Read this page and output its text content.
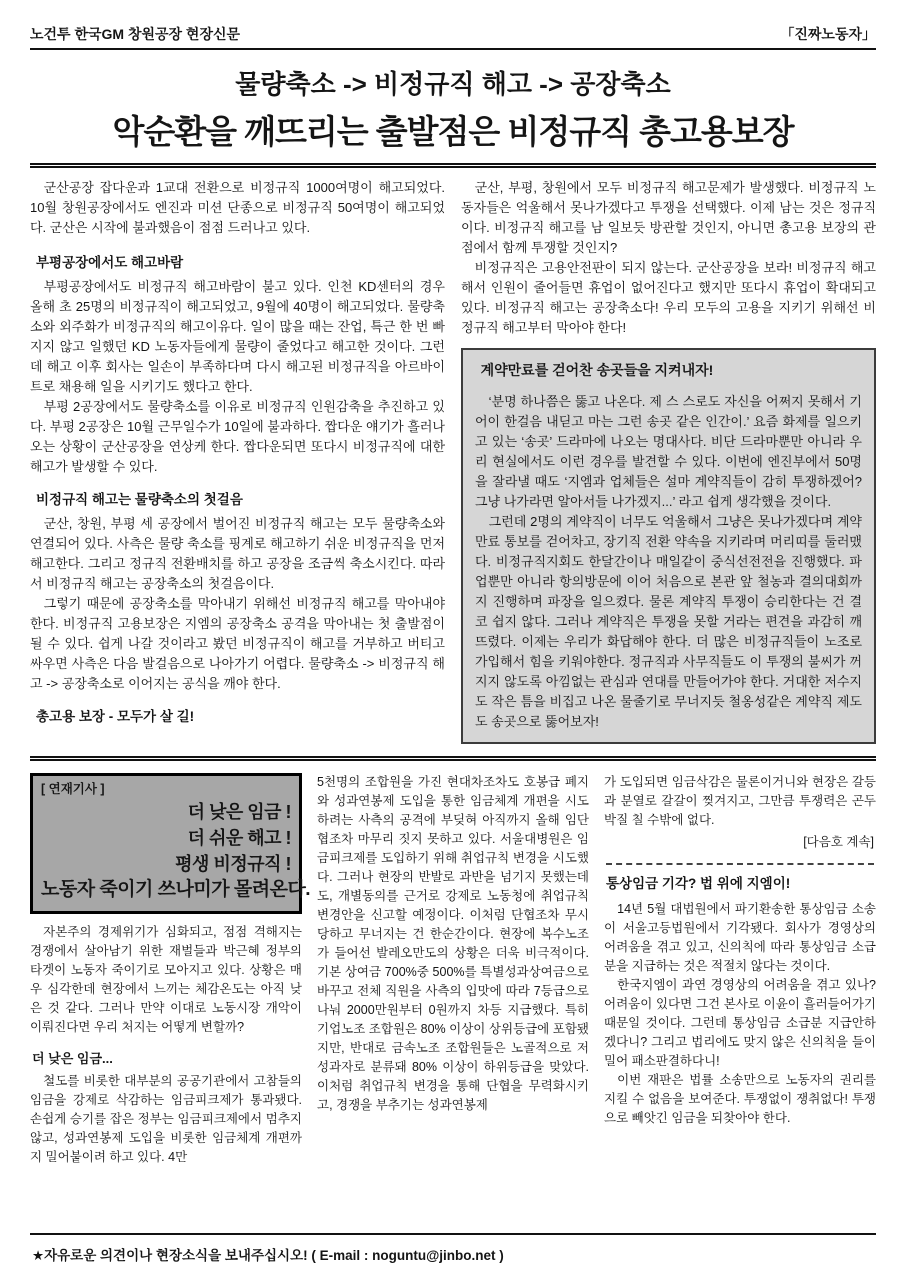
노건투 한국GM 창원공장 현장신문	「진짜노동자」
물량축소 -> 비정규직 해고 -> 공장축소
악순환을 깨뜨리는 출발점은 비정규직 총고용보장

군산공장 잡다운과 1교대 전환으로 비정규직 1000여명이 해고되었다. 10월 창원공장에서도 엔진과 미션 단종으로 비정규직 50여명이 해고되었다. 군산은 시작에 불과했음이 점점 드러나고 있다.

부평공장에서도 해고바람

부평공장에서도 비정규직 해고바람이 불고 있다. 인천 KD센터의 경우 올해 초 25명의 비정규직이 해고되었고, 9월에 40명이 해고되었다. 물량축소와 외주화가 비정규직의 해고이유다. 일이 많을 때는 잔업, 특근 한 번 빠지지 않고 일했던 KD 노동자들에게 물량이 줄었다고 해고한 것이다. 그런데 해고 이후 회사는 일손이 부족하다며 다시 해고된 비정규직을 아르바이트로 채용해 일을 시키기도 했다고 한다.

부평 2공장에서도 물량축소를 이유로 비정규직 인원감축을 추진하고 있다. 부평 2공장은 10월 근무일수가 10일에 불과하다. 짭다운 얘기가 흘러나오는 상황이 군산공장을 연상케 한다. 짭다운되면 또다시 비정규직에 대한 해고가 발생할 수 있다.

비정규직 해고는 물량축소의 첫걸음

군산, 창원, 부평 세 공장에서 벌어진 비정규직 해고는 모두 물량축소와 연결되어 있다. 사측은 물량 축소를 핑계로 해고하기 쉬운 비정규직을 먼저 해고한다. 그리고 정규직 전환배치를 하고 공장을 조금씩 축소시킨다. 따라서 비정규직 해고는 공장축소의 첫걸음이다.

그렇기 때문에 공장축소를 막아내기 위해선 비정규직 해고를 막아내야 한다. 비정규직 고용보장은 지엠의 공장축소 공격을 막아내는 첫 출발점이 될 수 있다. 쉽게 나갈 것이라고 봤던 비정규직이 해고를 거부하고 버티고 싸우면 사측은 다음 발걸음으로 나아가기 어렵다. 물량축소 -> 비정규직 해고 -> 공장축소로 이어지는 공식을 깨야 한다.

총고용 보장 - 모두가 살 길!

군산, 부평, 창원에서 모두 비정규직 해고문제가 발생했다. 비정규직 노동자들은 억울해서 못나가겠다고 투쟁을 선택했다. 이제 남는 것은 정규직이다. 비정규직 해고를 남 일보듯 방관할 것인지, 아니면 총고용 보장의 관점에서 함께 투쟁할 것인지?

비정규직은 고용안전판이 되지 않는다. 군산공장을 보라! 비정규직 해고해서 인원이 줄어들면 휴업이 없어진다고 했지만 또다시 휴업이 확대되고 있다. 비정규직 해고는 공장축소다! 우리 모두의 고용을 지키기 위해선 비정규직 해고부터 막아야 한다!

계약만료를 걷어찬 송곳들을 지켜내자!

‘분명 하나쯤은 뚫고 나온다. 제 스 스로도 자신을 어쩌지 못해서 기어이 한걸음 내딛고 마는 그런 송곳 같은 인간이.’ 요즘 화제를 일으키고 있는 ‘송곳’ 드라마에 나오는 명대사다. 비단 드라마뿐만 아니라 우리 현실에서도 이런 경우를 발견할 수 있다. 이번에 엔진부에서 50명을 잘라낼 때도 ‘지엠과 업체들은 설마 계약직들이 감히 투쟁하겠어? 그냥 나가라면 알아서들 나가겠지...’ 라고 쉽게 생각했을 것이다.

그런데 2명의 계약직이 너무도 억울해서 그냥은 못나가겠다며 계약만료 통보를 걷어차고, 장기직 전환 약속을 지키라며 머리띠를 둘러맸다. 비정규직지회도 한달간이나 매일같이 중식선전전을 진행했다. 파업뿐만 아니라 항의방문에 이어 처음으로 본관 앞 철농과 결의대회까지 진행하며 파장을 일으켰다. 물론 계약직 투쟁이 승리한다는 건 결코 쉽지 않다. 그러나 계약직은 투쟁을 못할 거라는 편견을 과감히 깨뜨렸다. 이제는 우리가 화답해야 한다. 더 많은 비정규직들이 노조로 가입해서 힘을 키워야한다. 정규직과 사무직들도 이 투쟁의 불씨가 꺼지지 않도록 아낌없는 관심과 연대를 만들어가야 한다. 거대한 저수지도 작은 틈을 비집고 나온 물줄기로 무너지듯 철옹성같은 계약직 제도도 송곳으로 뚫어보자!

[ 연재기사 ]
더 낮은 임금 !
더 쉬운 해고 !
평생 비정규직 !
노동자 죽이기 쓰나미가 몰려온다.

자본주의 경제위기가 심화되고, 점점 격해지는 경쟁에서 살아남기 위한 재벌들과 박근혜 정부의 타겟이 노동자 죽이기로 모아지고 있다. 상황은 매우 심각한데 현장에서 느끼는 체감온도는 아직 낮은 것 같다. 그러나 만약 이대로 노동시장 개악이 이뤄진다면 우리 처지는 어떻게 변할까?

더 낮은 임금...

철도를 비롯한 대부분의 공공기관에서 고참들의 임금을 강제로 삭감하는 임금피크제가 통과됐다. 손쉽게 승기를 잡은 정부는 임금피크제에서 멈추지 않고, 성과연봉제 도입을 비롯한 임금체계 개편까지 밀어붙이려 하고 있다. 4만

5천명의 조합원을 가진 현대차조차도 호봉급 폐지와 성과연봉제 도입을 통한 임금체계 개편을 시도하려는 사측의 공격에 부딪혀 아직까지 올해 임단협조차 마무리 짓지 못하고 있다. 서울대병원은 임금피크제를 도입하기 위해 취업규칙 변경을 시도했다. 그러나 현장의 반발로 과반을 넘기지 못했는데도, 개별동의를 근거로 강제로 노동청에 취업규칙 변경안을 신고할 예정이다. 이처럼 단협조차 무시당하고 무너지는 건 한순간이다. 현장에 복수노조가 들어선 발레오만도의 상황은 더욱 비극적이다. 기본 상여금 700%중 500%를 특별성과상여금으로 바꾸고 전체 직원을 사측의 입맛에 따라 7등급으로 나눠 2000만원부터 0원까지 차등 지급했다. 특히 기업노조 조합원은 80% 이상이 상위등급에 포함됐지만, 반대로 금속노조 조합원들은 노골적으로 저성과자로 분류돼 80% 이상이 하위등급을 맞았다. 이처럼 취업규칙 변경을 통해 단협을 무력화시키고, 경쟁을 부추기는 성과연봉제

가 도입되면 임금삭감은 물론이거니와 현장은 갈등과 분열로 갈갈이 찢겨지고, 그만큼 투쟁력은 곤두박질 칠 수밖에 없다.

[다음호 계속]
통상임금 기각? 법 위에 지엠이!

14년 5월 대법원에서 파기환송한 통상임금 소송이 서울고등법원에서 기각됐다. 회사가 경영상의 어려움을 겪고 있고, 신의칙에 따라 통상임금 소급분을 지급하는 것은 적절치 않다는 것이다.

한국지엠이 과연 경영상의 어려움을 겪고 있나? 어려움이 있다면 그건 본사로 이윤이 흘러들어가기 때문일 것이다. 그런데 통상임금 소급분 지급안하겠다니? 그리고 법리에도 맞지 않은 신의칙을 들이밀어 패소판결하다니!

이번 재판은 법률 소송만으로 노동자의 권리를 지킬 수 없음을 보여준다. 투쟁없이 쟁취없다! 투쟁으로 빼앗긴 임금을 되찾아야 한다.

★자유로운 의견이나 현장소식을 보내주십시오! ( E-mail : noguntu@jinbo.net )
